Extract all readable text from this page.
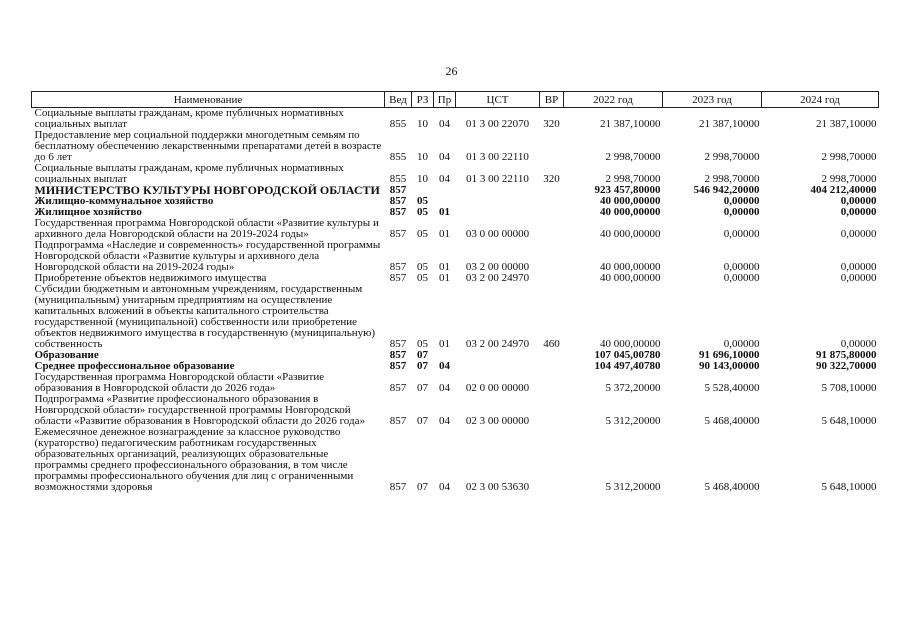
26
Наименование	Вед	РЗ	Пр	ЦСТ	ВР	2022 год	2023 год	2024 год
Социальные выплаты гражданам, кроме публичных нормативных социальных выплат	855	10	04	01 3 00 22070	320	21 387,10000	21 387,10000	21 387,10000
Предоставление мер социальной поддержки многодетным семьям по бесплатному обеспечению лекарственными препаратами детей в возрасте до 6 лет	855	10	04	01 3 00 22110		2 998,70000	2 998,70000	2 998,70000
Социальные выплаты гражданам, кроме публичных нормативных социальных выплат	855	10	04	01 3 00 22110	320	2 998,70000	2 998,70000	2 998,70000
МИНИСТЕРСТВО КУЛЬТУРЫ НОВГОРОДСКОЙ ОБЛАСТИ	857					923 457,80000	546 942,20000	404 212,40000
Жилищно-коммунальное хозяйство	857	05				40 000,00000	0,00000	0,00000
Жилищное хозяйство	857	05	01			40 000,00000	0,00000	0,00000
Государственная программа Новгородской области «Развитие культуры и архивного дела Новгородской области на 2019-2024 годы»	857	05	01	03 0 00 00000		40 000,00000	0,00000	0,00000
Подпрограмма «Наследие и современность» государственной программы Новгородской области «Развитие культуры и архивного дела Новгородской области на 2019-2024 годы»	857	05	01	03 2 00 00000		40 000,00000	0,00000	0,00000
Приобретение объектов недвижимого имущества	857	05	01	03 2 00 24970		40 000,00000	0,00000	0,00000
Субсидии бюджетным и автономным учреждениям, государственным (муниципальным) унитарным предприятиям на осуществление капитальных вложений в объекты капитального строительства государственной (муниципальной) собственности или приобретение объектов недвижимого имущества в государственную (муниципальную) собственность	857	05	01	03 2 00 24970	460	40 000,00000	0,00000	0,00000
Образование	857	07				107 045,00780	91 696,10000	91 875,80000
Среднее профессиональное образование	857	07	04			104 497,40780	90 143,00000	90 322,70000
Государственная программа Новгородской области «Развитие образования в Новгородской области до 2026 года»	857	07	04	02 0 00 00000		5 372,20000	5 528,40000	5 708,10000
Подпрограмма «Развитие профессионального образования в Новгородской области» государственной программы Новгородской области «Развитие образования в Новгородской области до 2026 года»	857	07	04	02 3 00 00000		5 312,20000	5 468,40000	5 648,10000
Ежемесячное денежное вознаграждение за классное руководство (кураторство) педагогическим работникам государственных образовательных организаций, реализующих образовательные программы среднего профессионального образования, в том числе программы профессионального обучения для лиц с ограниченными возможностями здоровья	857	07	04	02 3 00 53630		5 312,20000	5 468,40000	5 648,10000
